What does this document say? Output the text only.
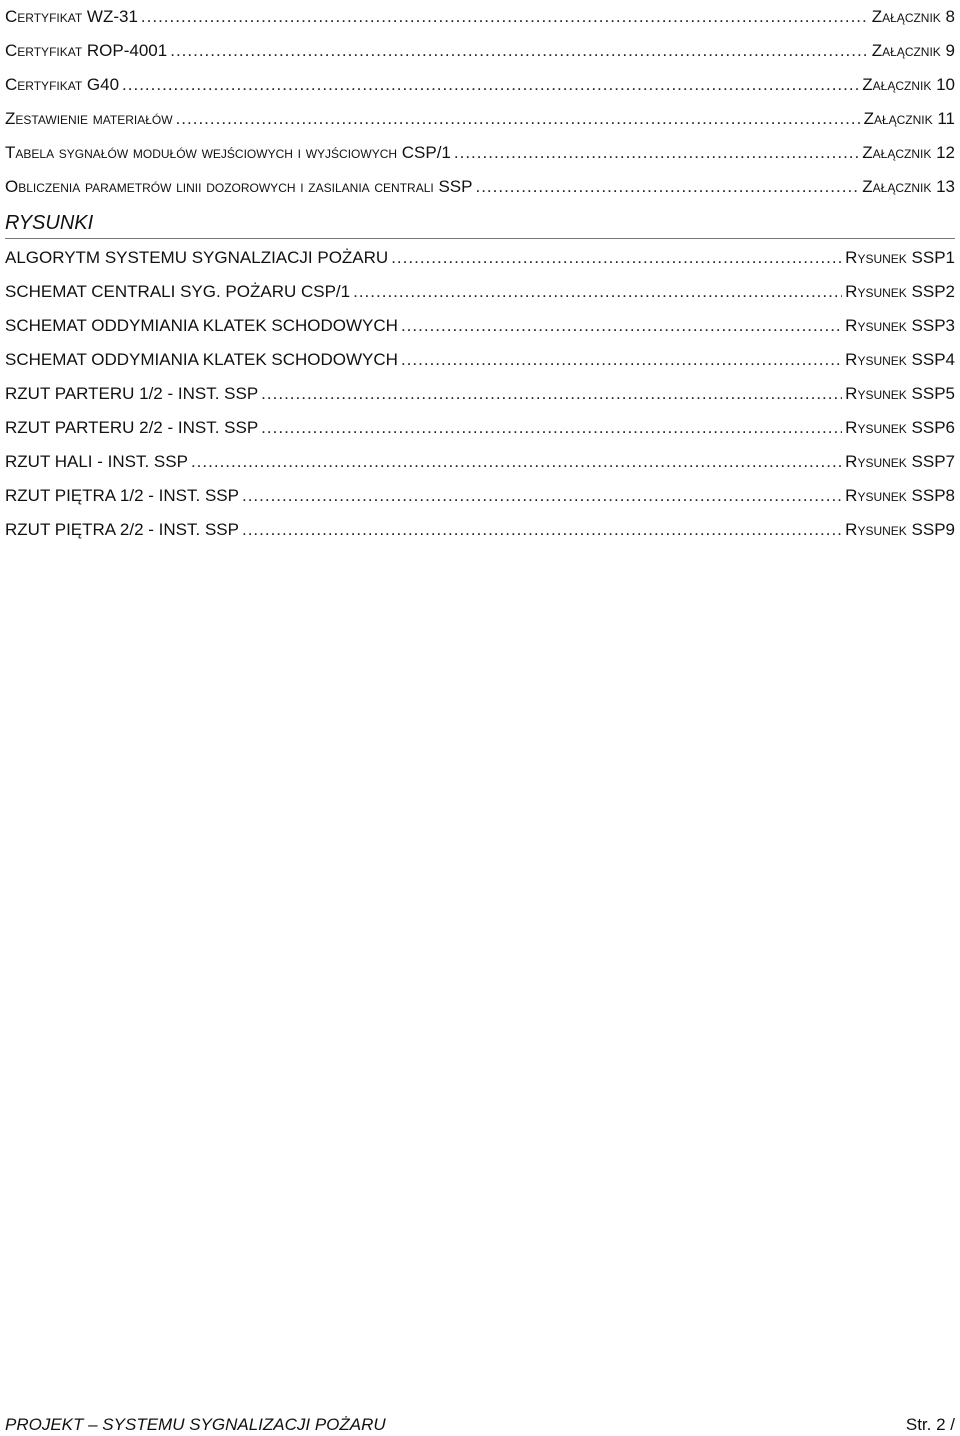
Certyfikat WZ-31 .....	Załącznik 8
Certyfikat ROP-4001 .....	Załącznik 9
Certyfikat G40 .....	Załącznik 10
Zestawienie materiałów .....	Załącznik 11
Tabela sygnałów modułów wejściowych i wyjściowych CSP/1 .....	Załącznik 12
Obliczenia parametrów linii dozorowych i zasilania centrali SSP .....	Załącznik 13
RYSUNKI
ALGORYTM SYSTEMU SYGNALZIACJI POŻARU .....	Rysunek SSP1
SCHEMAT CENTRALI SYG. POŻARU CSP/1 .....	Rysunek SSP2
SCHEMAT ODDYMIANIA KLATEK SCHODOWYCH .....	Rysunek SSP3
SCHEMAT ODDYMIANIA KLATEK SCHODOWYCH .....	Rysunek SSP4
RZUT PARTERU 1/2 - INST. SSP .....	Rysunek SSP5
RZUT PARTERU 2/2 - INST. SSP .....	Rysunek SSP6
RZUT HALI - INST. SSP .....	Rysunek SSP7
RZUT PIĘTRA 1/2 - INST. SSP .....	Rysunek SSP8
RZUT PIĘTRA 2/2 - INST. SSP .....	Rysunek SSP9
PROJEKT – SYSTEMU SYGNALIZACJI POŻARU	Str. 2 /
